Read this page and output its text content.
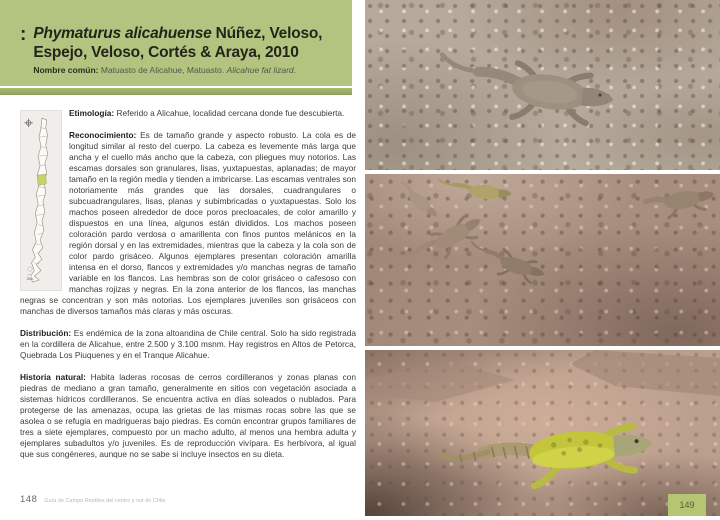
: Phymaturus alicahuense Núñez, Veloso,
Espejo, Veloso, Cortés & Araya, 2010
Nombre común: Matuasto de Alicahue, Matuasto. Alicahue fat lizard.

Etimología: Referido a Alicahue, localidad cercana donde fue descubierta.

Reconocimiento: Es de tamaño grande y aspecto robusto. La cola es de longitud similar al resto del cuerpo. La cabeza es levemente más larga que ancha y el cuello más ancho que la cabeza, con pliegues muy notorios. Las escamas dorsales son granulares, lisas, yuxtapuestas, aplanadas; de mayor tamaño en la región media y tienden a imbricarse. Las escamas ventrales son notoriamente más grandes que las dorsales, cuadrangulares o subcuadrangulares, lisas, planas y subimbricadas o yuxtapuestas. Solo los machos poseen alrededor de doce poros precloacales, de color amarillo y dispuestos en una línea, algunos están divididos. Los machos poseen coloración pardo verdosa o amarillenta con finos puntos melánicos en la región dorsal y en las extremidades, mientras que la cabeza y la cola son de color pardo grisáceo. Algunos ejemplares presentan coloración amarilla intensa en el dorso, flancos y extremidades y/o manchas negras de tamaño variable en los flancos. Las hembras son de color grisáceo o cafesoso con manchas rojizas y negras. En la zona anterior de los flancos, las manchas negras se concentran y son más notorias. Los ejemplares juveniles son grisáceos con manchas de diversos tamaños más claras y más oscuras.

Distribución: Es endémica de la zona altoandina de Chile central. Solo ha sido registrada en la cordillera de Alicahue, entre 2.500 y 3.100 msnm. Hay registros en Altos de Petorca, Quebrada Los Piuquenes y en el Tranque Alicahue.

Historia natural: Habita laderas rocosas de cerros cordilleranos y zonas planas con piedras de mediano a gran tamaño, generalmente en sitios con vegetación asociada a sistemas hídricos cordilleranos. Se encuentra activa en días soleados o nublados. Para protegerse de las amenazas, ocupa las grietas de las mismas rocas sobre las que se asolea o se refugia en madrigueras bajo piedras. Es común encontrar grupos familiares de tres a siete ejemplares, compuesto por un macho adulto, al menos una hembra adulta y ejemplares subadultos y/o juveniles. Es de reproducción vivípara. Es herbívora, al igual que sus congéneres, aunque no se sabe si incluye insectos en su dieta.

148 Guía de Campo Reptiles del centro y sur de Chile	149
